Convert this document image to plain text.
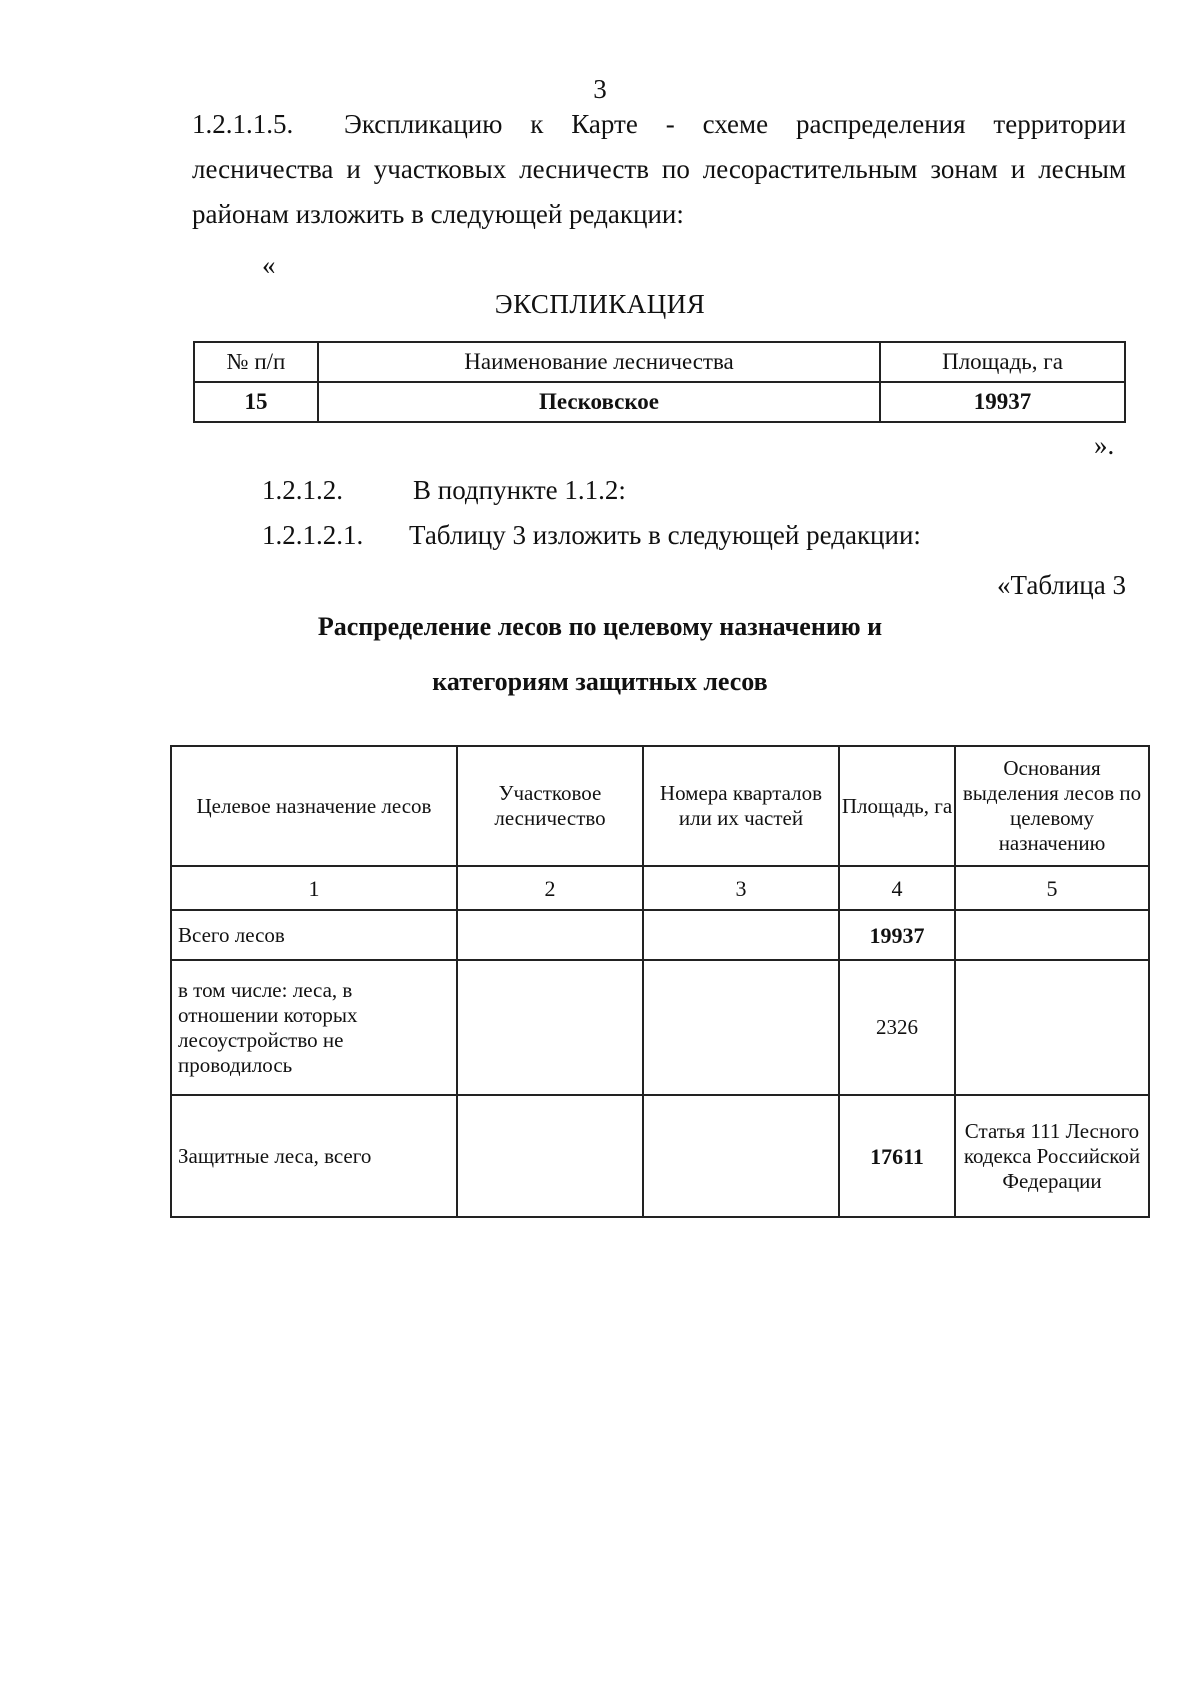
3
1.2.1.1.5. Экспликацию к Карте - схеме распределения территории лесничества и участковых лесничеств по лесорастительным зонам и лесным районам изложить в следующей редакции:
«
ЭКСПЛИКАЦИЯ
№ п/п	Наименование лесничества	Площадь, га
15	Песковское	19937
».
1.2.1.2.	В подпункте 1.1.2:
1.2.1.2.1. Таблицу 3 изложить в следующей редакции:
«Таблица 3
Распределение лесов по целевому назначению и
категориям защитных лесов
Целевое назначение лесов	Участковое лесничество	Номера кварталов или их частей	Площадь, га	Основания выделения лесов по целевому назначению
1	2	3	4	5
Всего лесов			19937	
в том числе: леса, в отношении которых лесоустройство не проводилось			2326	
Защитные леса, всего			17611	Статья 111 Лесного кодекса Российской Федерации
